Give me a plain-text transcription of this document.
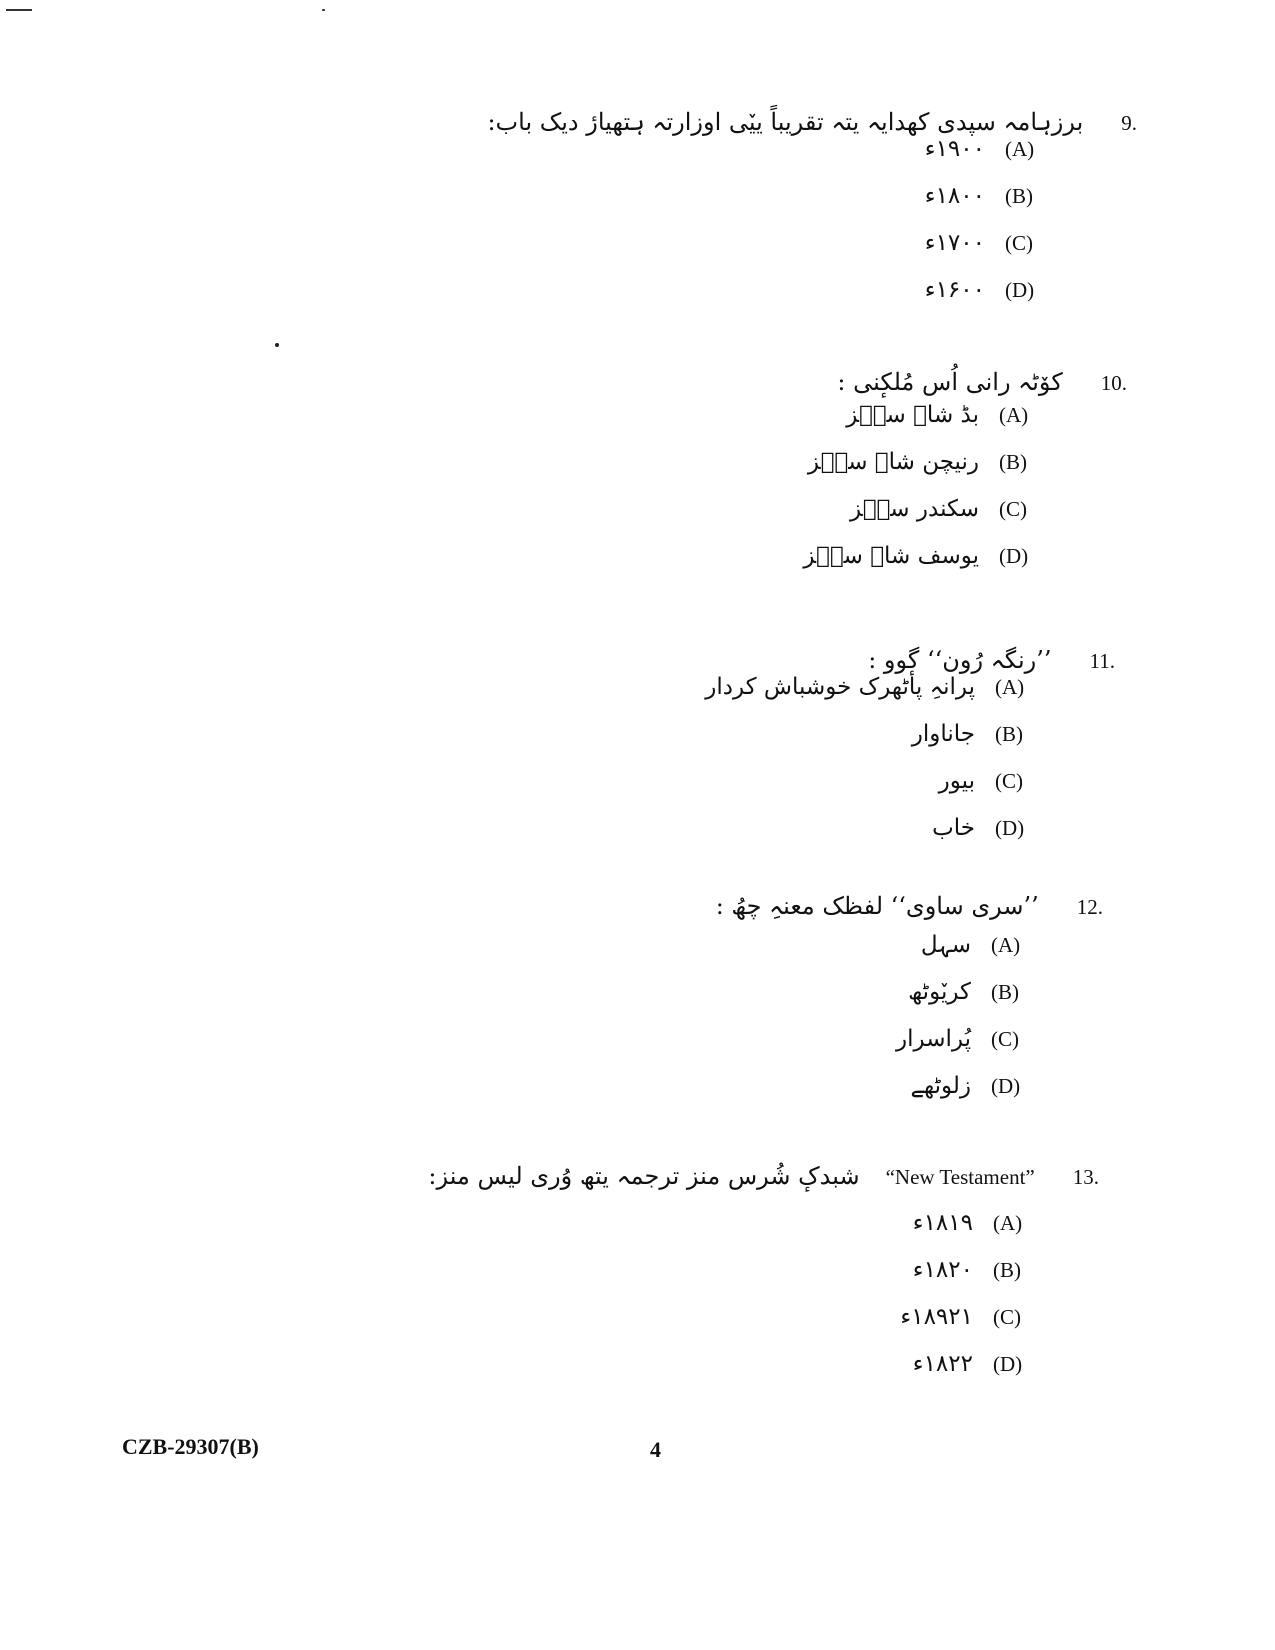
9.
برزہامہ سپدی کھدایہ یتہ تقریباً ییٚی اوزارتہ ہتھیارٔ دیک باب:
(A)
۱۹۰۰ء
(B)
۱۸۰۰ء
(C)
۱۷۰۰ء
(D)
۱۶۰۰ء
10.
کوٚٹہ رانی اُس مُلکٕنی :
(A)
بڈ شاہ سنٛز
(B)
رنیچن شاہ سنٛز
(C)
سکندر سنٛز
(D)
یوسف شاہ سنٛز
11.
’’رنگہ رُون‘‘ گوو :
(A)
پرانہِ پأٹھرک خوشباش کردار
(B)
جاناوار
(C)
بیور
(D)
خاب
12.
’’سری ساوی‘‘ لفظک معنہِ چھُ :
(A)
سہل
(B)
کریٚوٹھ
(C)
پُراسرار
(D)
زلوٹھے
13.
“New Testament”شبدکٕ شُرس منز ترجمہ یتھ وُری لیس منز:
(A)
۱۸۱۹ء
(B)
۱۸۲۰ء
(C)
۱۸۹۲۱ء
(D)
۱۸۲۲ء
CZB-29307(B)	4
